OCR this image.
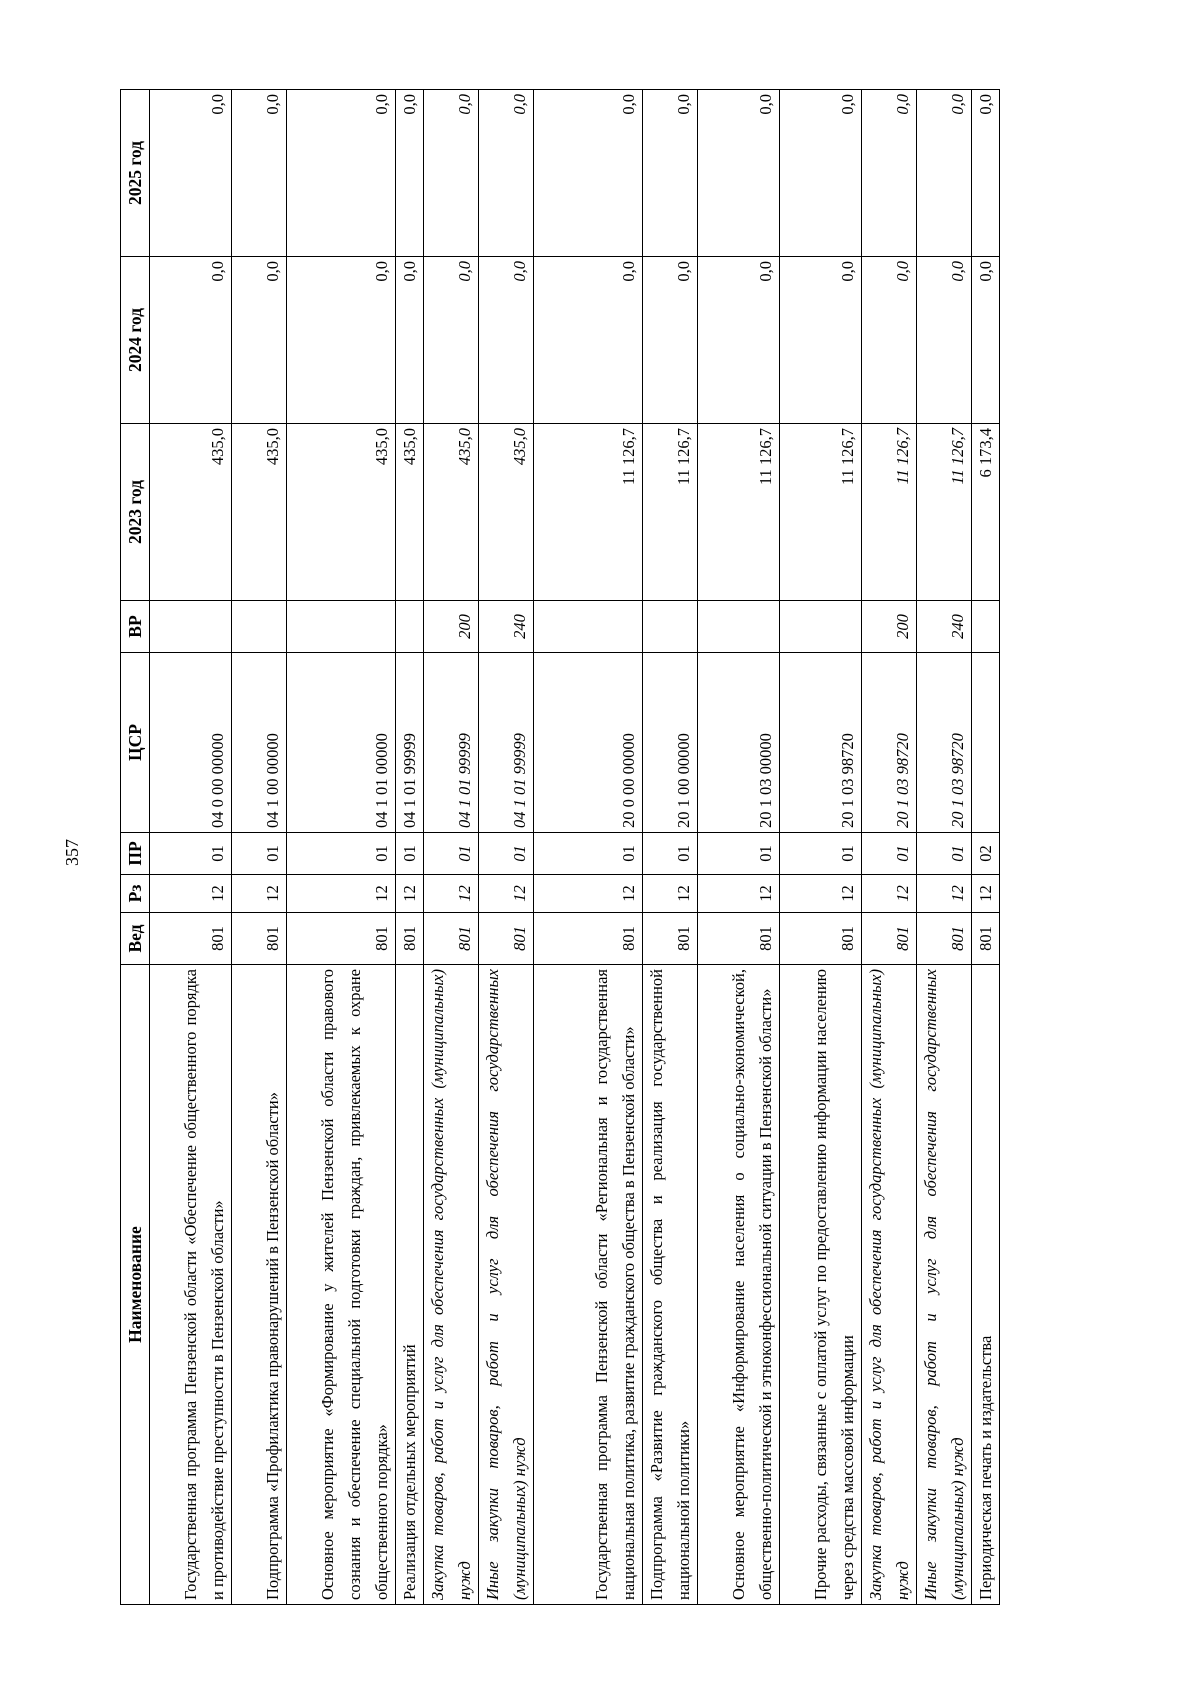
357
Наименование	Вед	Рз	ПР	ЦСР	ВР	2023 год	2024 год	2025 год
Государственная программа Пензенской области «Обеспечение общественного порядка и противодействие преступности в Пензенской области»	801	12	01	04 0 00 00000		435,0	0,0	0,0
Подпрограмма «Профилактика правонарушений в Пензенской области»	801	12	01	04 1 00 00000		435,0	0,0	0,0
Основное мероприятие «Формирование у жителей Пензенской области правового сознания и обеспечение специальной подготовки граждан, привлекаемых к охране общественного порядка»	801	12	01	04 1 01 00000		435,0	0,0	0,0
Реализация отдельных мероприятий	801	12	01	04 1 01 99999		435,0	0,0	0,0
Закупка товаров, работ и услуг для обеспечения государственных (муниципальных) нужд	801	12	01	04 1 01 99999	200	435,0	0,0	0,0
Иные закупки товаров, работ и услуг для обеспечения государственных (муниципальных) нужд	801	12	01	04 1 01 99999	240	435,0	0,0	0,0
Государственная программа Пензенской области «Региональная и государственная национальная политика, развитие гражданского общества в Пензенской области»	801	12	01	20 0 00 00000		11 126,7	0,0	0,0
Подпрограмма «Развитие гражданского общества и реализация государственной национальной политики»	801	12	01	20 1 00 00000		11 126,7	0,0	0,0
Основное мероприятие «Информирование населения о социально-экономической, общественно-политической и этноконфессиональной ситуации в Пензенской области»	801	12	01	20 1 03 00000		11 126,7	0,0	0,0
Прочие расходы, связанные с оплатой услуг по предоставлению информации населению через средства массовой информации	801	12	01	20 1 03 98720		11 126,7	0,0	0,0
Закупка товаров, работ и услуг для обеспечения государственных (муниципальных) нужд	801	12	01	20 1 03 98720	200	11 126,7	0,0	0,0
Иные закупки товаров, работ и услуг для обеспечения государственных (муниципальных) нужд	801	12	01	20 1 03 98720	240	11 126,7	0,0	0,0
Периодическая печать и издательства	801	12	02			6 173,4	0,0	0,0
